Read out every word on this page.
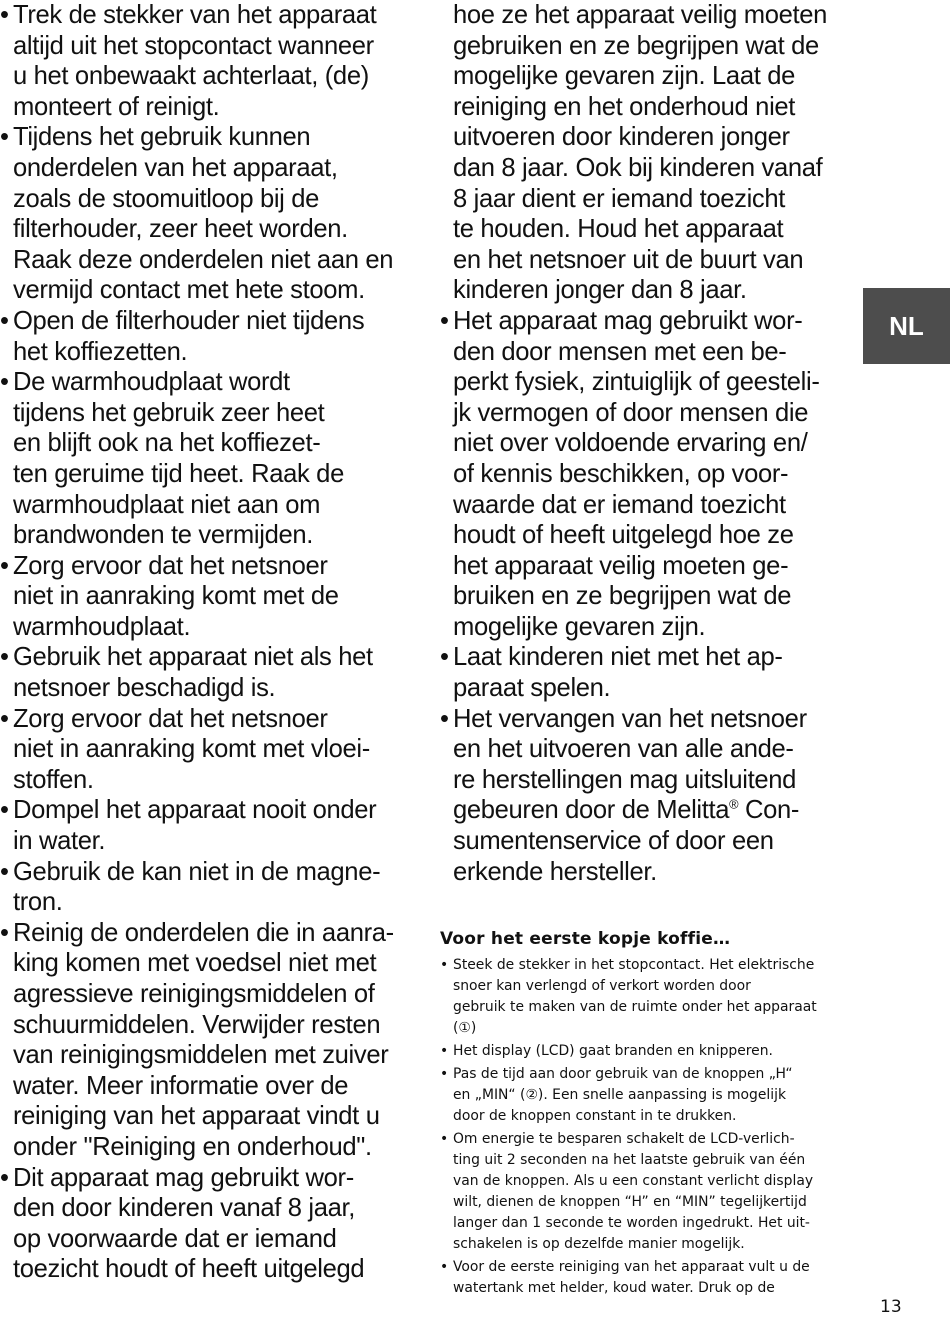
• Trek de stekker van het apparaat
altijd uit het stopcontact wanneer
u het onbewaakt achterlaat, (de)
monteert of reinigt.
• Tijdens het gebruik kunnen
onderdelen van het apparaat,
zoals de stoomuitloop bij de
filterhouder, zeer heet worden.
Raak deze onderdelen niet aan en
vermijd contact met hete stoom.
• Open de filterhouder niet tijdens
het koffiezetten.
• De warmhoudplaat wordt
tijdens het gebruik zeer heet
en blijft ook na het koffiezet-
ten geruime tijd heet. Raak de
warmhoudplaat niet aan om
brandwonden te vermijden.
• Zorg ervoor dat het netsnoer
niet in aanraking komt met de
warmhoudplaat.
• Gebruik het apparaat niet als het
netsnoer beschadigd is.
• Zorg ervoor dat het netsnoer
niet in aanraking komt met vloei-
stoffen.
• Dompel het apparaat nooit onder
in water.
• Gebruik de kan niet in de magne-
tron.
• Reinig de onderdelen die in aanra-
king komen met voedsel niet met
agressieve reinigingsmiddelen of
schuurmiddelen. Verwijder resten
van reinigingsmiddelen met zuiver
water. Meer informatie over de
reiniging van het apparaat vindt u
onder "Reiniging en onderhoud".
• Dit apparaat mag gebruikt wor-
den door kinderen vanaf 8 jaar,
op voorwaarde dat er iemand
toezicht houdt of heeft uitgelegd

hoe ze het apparaat veilig moeten
gebruiken en ze begrijpen wat de
mogelijke gevaren zijn. Laat de
reiniging en het onderhoud niet
uitvoeren door kinderen jonger
dan 8 jaar. Ook bij kinderen vanaf
8 jaar dient er iemand toezicht
te houden. Houd het apparaat
en het netsnoer uit de buurt van
kinderen jonger dan 8 jaar.

• Het apparaat mag gebruikt wor-
den door mensen met een be-
perkt fysiek, zintuiglijk of geesteli-
jk vermogen of door mensen die
niet over voldoende ervaring en/
of kennis beschikken, op voor-
waarde dat er iemand toezicht
houdt of heeft uitgelegd hoe ze
het apparaat veilig moeten ge-
bruiken en ze begrijpen wat de
mogelijke gevaren zijn.
• Laat kinderen niet met het ap-
paraat spelen.
• Het vervangen van het netsnoer
en het uitvoeren van alle ande-
re herstellingen mag uitsluitend
gebeuren door de Melitta® Con-
sumentenservice of door een
erkende hersteller.
Voor het eerste kopje koffie…
• Steek de stekker in het stopcontact. Het elektrische
snoer kan verlengd of verkort worden door
gebruik te maken van de ruimte onder het apparaat
(①)
• Het display (LCD) gaat branden en knipperen.
• Pas de tijd aan door gebruik van de knoppen „H“
en „MIN“ (②). Een snelle aanpassing is mogelijk
door de knoppen constant in te drukken.
• Om energie te besparen schakelt de LCD-verlich-
ting uit 2 seconden na het laatste gebruik van één
van de knoppen. Als u een constant verlicht display
wilt, dienen de knoppen “H” en “MIN” tegelijkertijd
langer dan 1 seconde te worden ingedrukt. Het uit-
schakelen is op dezelfde manier mogelijk.
• Voor de eerste reiniging van het apparaat vult u de
watertank met helder, koud water. Druk op de
NL
13
